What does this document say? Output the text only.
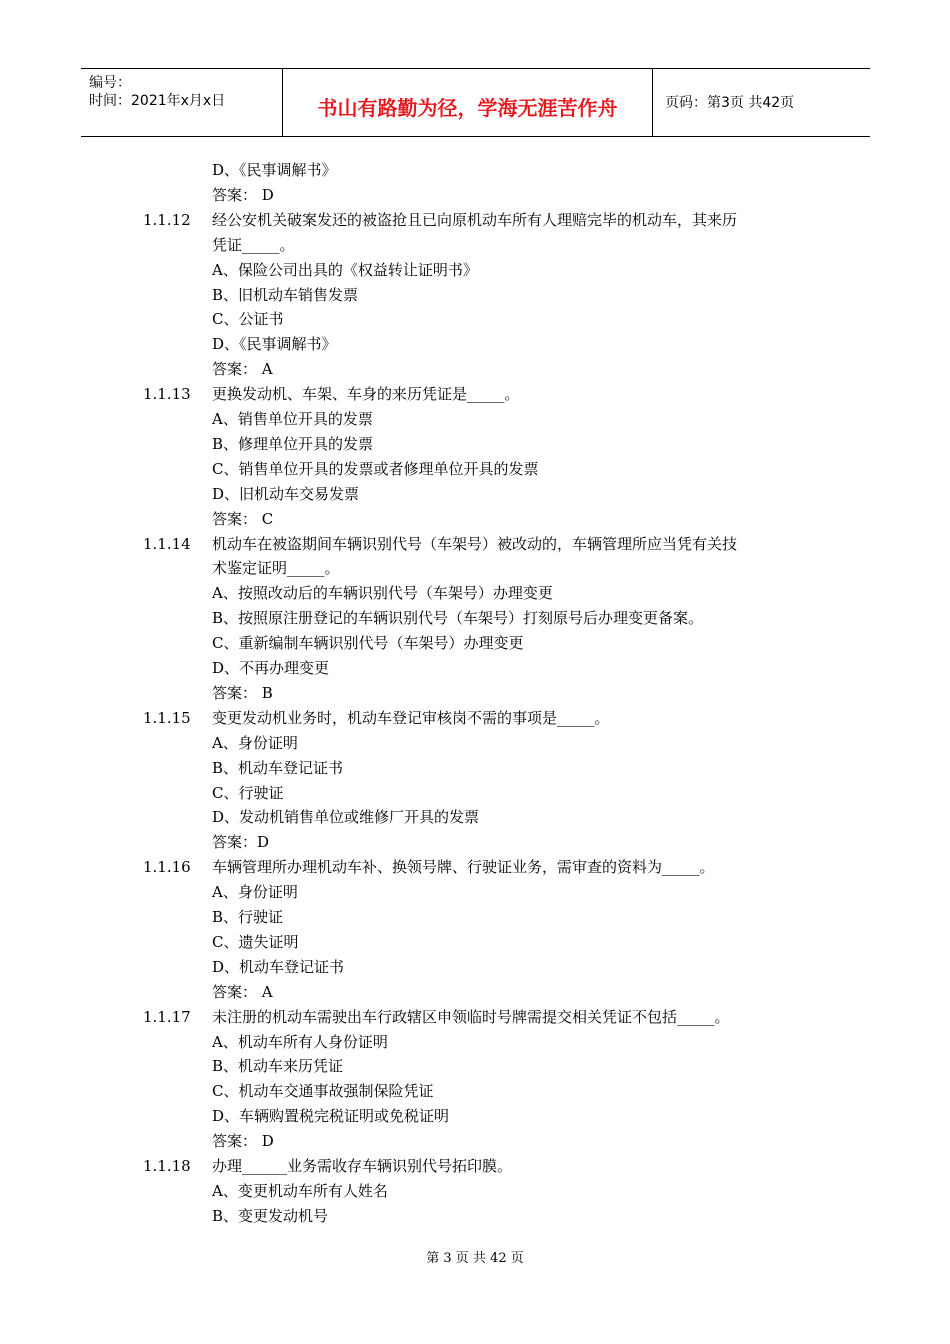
编号：
时间：2021年x月x日	书山有路勤为径，学海无涯苦作舟	页码：第3页 共42页
D、《民事调解书》
答案： D
1.1.12 经公安机关破案发还的被盗抢且已向原机动车所有人理赔完毕的机动车，其来历
凭证_____。
A、保险公司出具的《权益转让证明书》
B、旧机动车销售发票
C、公证书
D、《民事调解书》
答案： A
1.1.13 更换发动机、车架、车身的来历凭证是_____。
A、销售单位开具的发票
B、修理单位开具的发票
C、销售单位开具的发票或者修理单位开具的发票
D、旧机动车交易发票
答案： C
1.1.14 机动车在被盗期间车辆识别代号（车架号）被改动的，车辆管理所应当凭有关技
术鉴定证明_____。
A、按照改动后的车辆识别代号（车架号）办理变更
B、按照原注册登记的车辆识别代号（车架号）打刻原号后办理变更备案。
C、重新编制车辆识别代号（车架号）办理变更
D、不再办理变更
答案： B
1.1.15 变更发动机业务时，机动车登记审核岗不需的事项是_____。
A、身份证明
B、机动车登记证书
C、行驶证
D、发动机销售单位或维修厂开具的发票
答案：D
1.1.16 车辆管理所办理机动车补、换领号牌、行驶证业务，需审查的资料为_____。
A、身份证明
B、行驶证
C、遗失证明
D、机动车登记证书
答案： A
1.1.17 未注册的机动车需驶出车行政辖区申领临时号牌需提交相关凭证不包括_____。
A、机动车所有人身份证明
B、机动车来历凭证
C、机动车交通事故强制保险凭证
D、车辆购置税完税证明或免税证明
答案： D
1.1.18 办理______业务需收存车辆识别代号拓印膜。
A、变更机动车所有人姓名
B、变更发动机号
第 3 页 共 42 页
